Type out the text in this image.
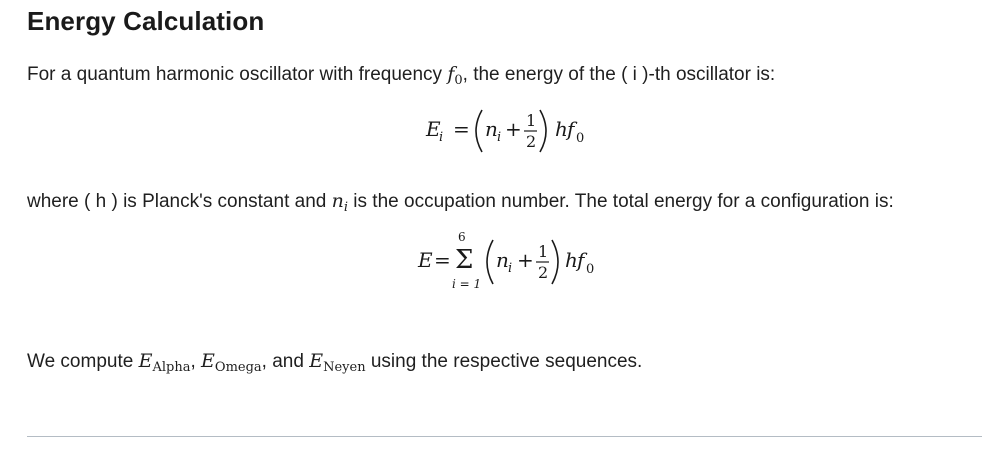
Energy Calculation

For a quantum harmonic oscillator with frequency $f_0$, the energy of the ( i )-th oscillator is:

E
i = n i + 1
2
h f 0

where ( h ) is Planck's constant and $n_i$ is the occupation number. The total energy for a configuration is:

E =
6
Σ
i = 1
n i + 1
2
h f 0

We compute $E_{Alpha}$, $E_{Omega}$, and $E_{Neyen}$ using the respective sequences.
